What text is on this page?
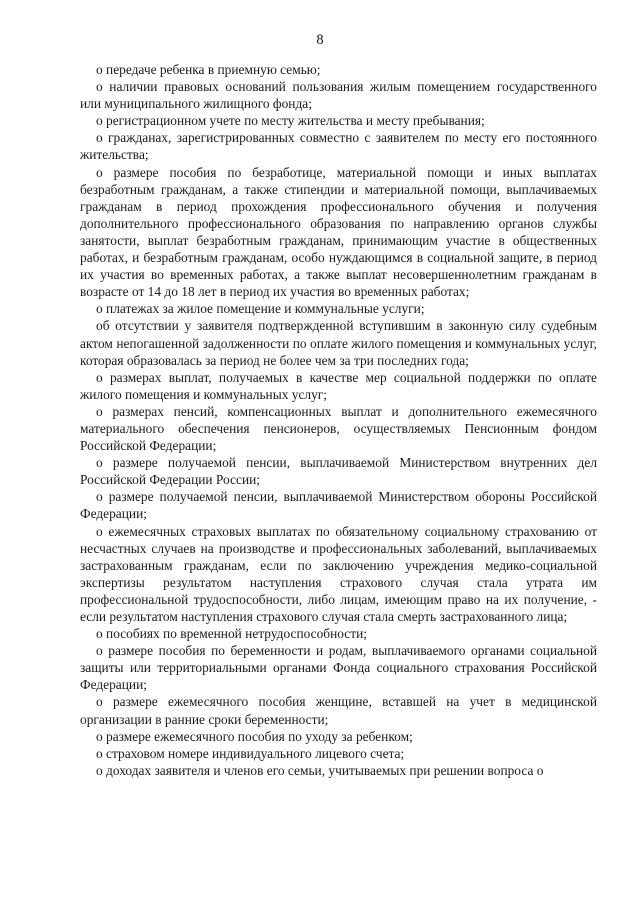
8

о передаче ребенка в приемную семью;

о наличии правовых оснований пользования жилым помещением государственного или муниципального жилищного фонда;

о регистрационном учете по месту жительства и месту пребывания;

о гражданах, зарегистрированных совместно с заявителем по месту его постоянного жительства;

о размере пособия по безработице, материальной помощи и иных выплатах безработным гражданам, а также стипендии и материальной помощи, выплачиваемых гражданам в период прохождения профессионального обучения и получения дополнительного профессионального образования по направлению органов службы занятости, выплат безработным гражданам, принимающим участие в общественных работах, и безработным гражданам, особо нуждающимся в социальной защите, в период их участия во временных работах, а также выплат несовершеннолетним гражданам в возрасте от 14 до 18 лет в период их участия во временных работах;

о платежах за жилое помещение и коммунальные услуги;

об отсутствии у заявителя подтвержденной вступившим в законную силу судебным актом непогашенной задолженности по оплате жилого помещения и коммунальных услуг, которая образовалась за период не более чем за три последних года;

о размерах выплат, получаемых в качестве мер социальной поддержки по оплате жилого помещения и коммунальных услуг;

о размерах пенсий, компенсационных выплат и дополнительного ежемесячного материального обеспечения пенсионеров, осуществляемых Пенсионным фондом Российской Федерации;

о размере получаемой пенсии, выплачиваемой Министерством внутренних дел Российской Федерации России;

о размере получаемой пенсии, выплачиваемой Министерством обороны Российской Федерации;

о ежемесячных страховых выплатах по обязательному социальному страхованию от несчастных случаев на производстве и профессиональных заболеваний, выплачиваемых застрахованным гражданам, если по заключению учреждения медико-социальной экспертизы результатом наступления страхового случая стала утрата им профессиональной трудоспособности, либо лицам, имеющим право на их получение, - если результатом наступления страхового случая стала смерть застрахованного лица;

о пособиях по временной нетрудоспособности;

о размере пособия по беременности и родам, выплачиваемого органами социальной защиты или территориальными органами Фонда социального страхования Российской Федерации;

о размере ежемесячного пособия женщине, вставшей на учет в медицинской организации в ранние сроки беременности;

о размере ежемесячного пособия по уходу за ребенком;

о страховом номере индивидуального лицевого счета;

о доходах заявителя и членов его семьи, учитываемых при решении вопроса о
